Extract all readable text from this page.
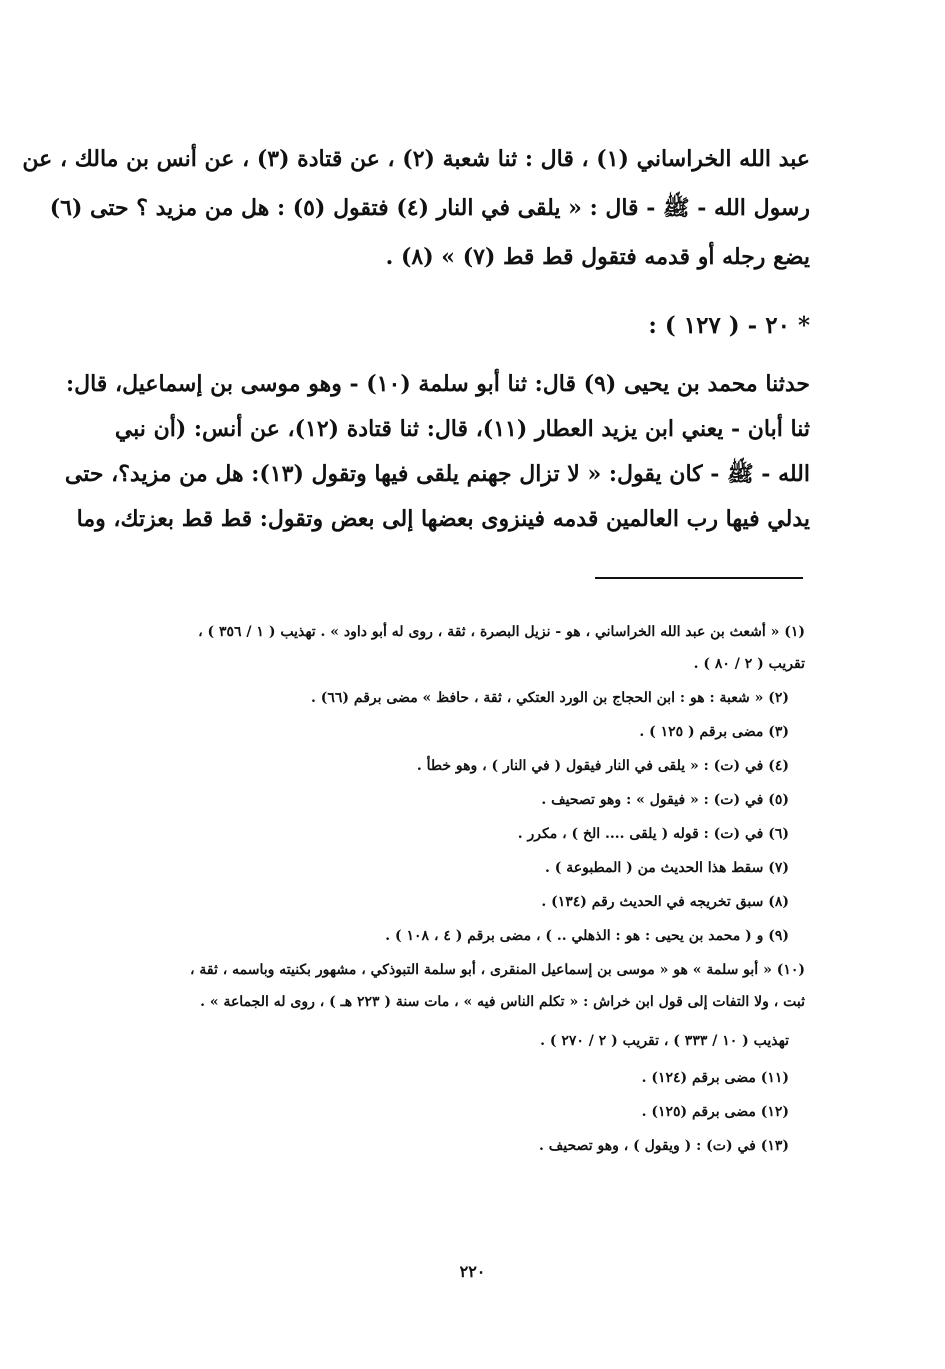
عبد الله الخراساني (١) ، قال : ثنا شعبة (٢) ، عن قتادة (٣) ، عن أنس بن مالك ، عن
رسول الله - ﷺ - قال : « يلقى في النار (٤) فتقول (٥) : هل من مزيد ؟ حتى (٦)
يضع رجله أو قدمه فتقول قط قط (٧) » (٨) .
* ٢٠ - ( ١٢٧ ) :
حدثنا محمد بن يحيى (٩) قال: ثنا أبو سلمة (١٠) - وهو موسى بن إسماعيل، قال:
ثنا أبان - يعني ابن يزيد العطار (١١)، قال: ثنا قتادة (١٢)، عن أنس: (أن نبي
الله - ﷺ - كان يقول: « لا تزال جهنم يلقى فيها وتقول (١٣): هل من مزيد؟، حتى
يدلي فيها رب العالمين قدمه فينزوى بعضها إلى بعض وتقول: قط قط بعزتك، وما
(١) « أشعث بن عبد الله الخراساني ، هو - نزيل البصرة ، ثقة ، روى له أبو داود » . تهذيب ( ١ / ٣٥٦ ) ،
تقريب ( ٢ / ٨٠ ) .
(٢) « شعبة : هو : ابن الحجاج بن الورد العتكي ، ثقة ، حافظ » مضى برقم (٦٦) .
(٣) مضى برقم ( ١٢٥ ) .
(٤) في (ت) : « يلقى في النار فيقول ( في النار ) ، وهو خطأ .
(٥) في (ت) : « فيقول » : وهو تصحيف .
(٦) في (ت) : قوله ( يلقى .... الخ ) ، مكرر .
(٧) سقط هذا الحديث من ( المطبوعة ) .
(٨) سبق تخريجه في الحديث رقم (١٣٤) .
(٩) و ( محمد بن يحيى : هو : الذهلي .. ) ، مضى برقم ( ٤ ، ١٠٨ ) .
(١٠) « أبو سلمة » هو « موسى بن إسماعيل المنقرى ، أبو سلمة التبوذكي ، مشهور بكنيته وباسمه ، ثقة ،
ثبت ، ولا التفات إلى قول ابن خراش : « تكلم الناس فيه » ، مات سنة ( ٢٢٣ هـ ) ، روى له الجماعة » .
تهذيب ( ١٠ / ٣٣٣ ) ، تقريب ( ٢ / ٢٧٠ ) .
(١١) مضى برقم (١٢٤) .
(١٢) مضى برقم (١٢٥) .
(١٣) في (ت) : ( ويقول ) ، وهو تصحيف .
٢٢٠
